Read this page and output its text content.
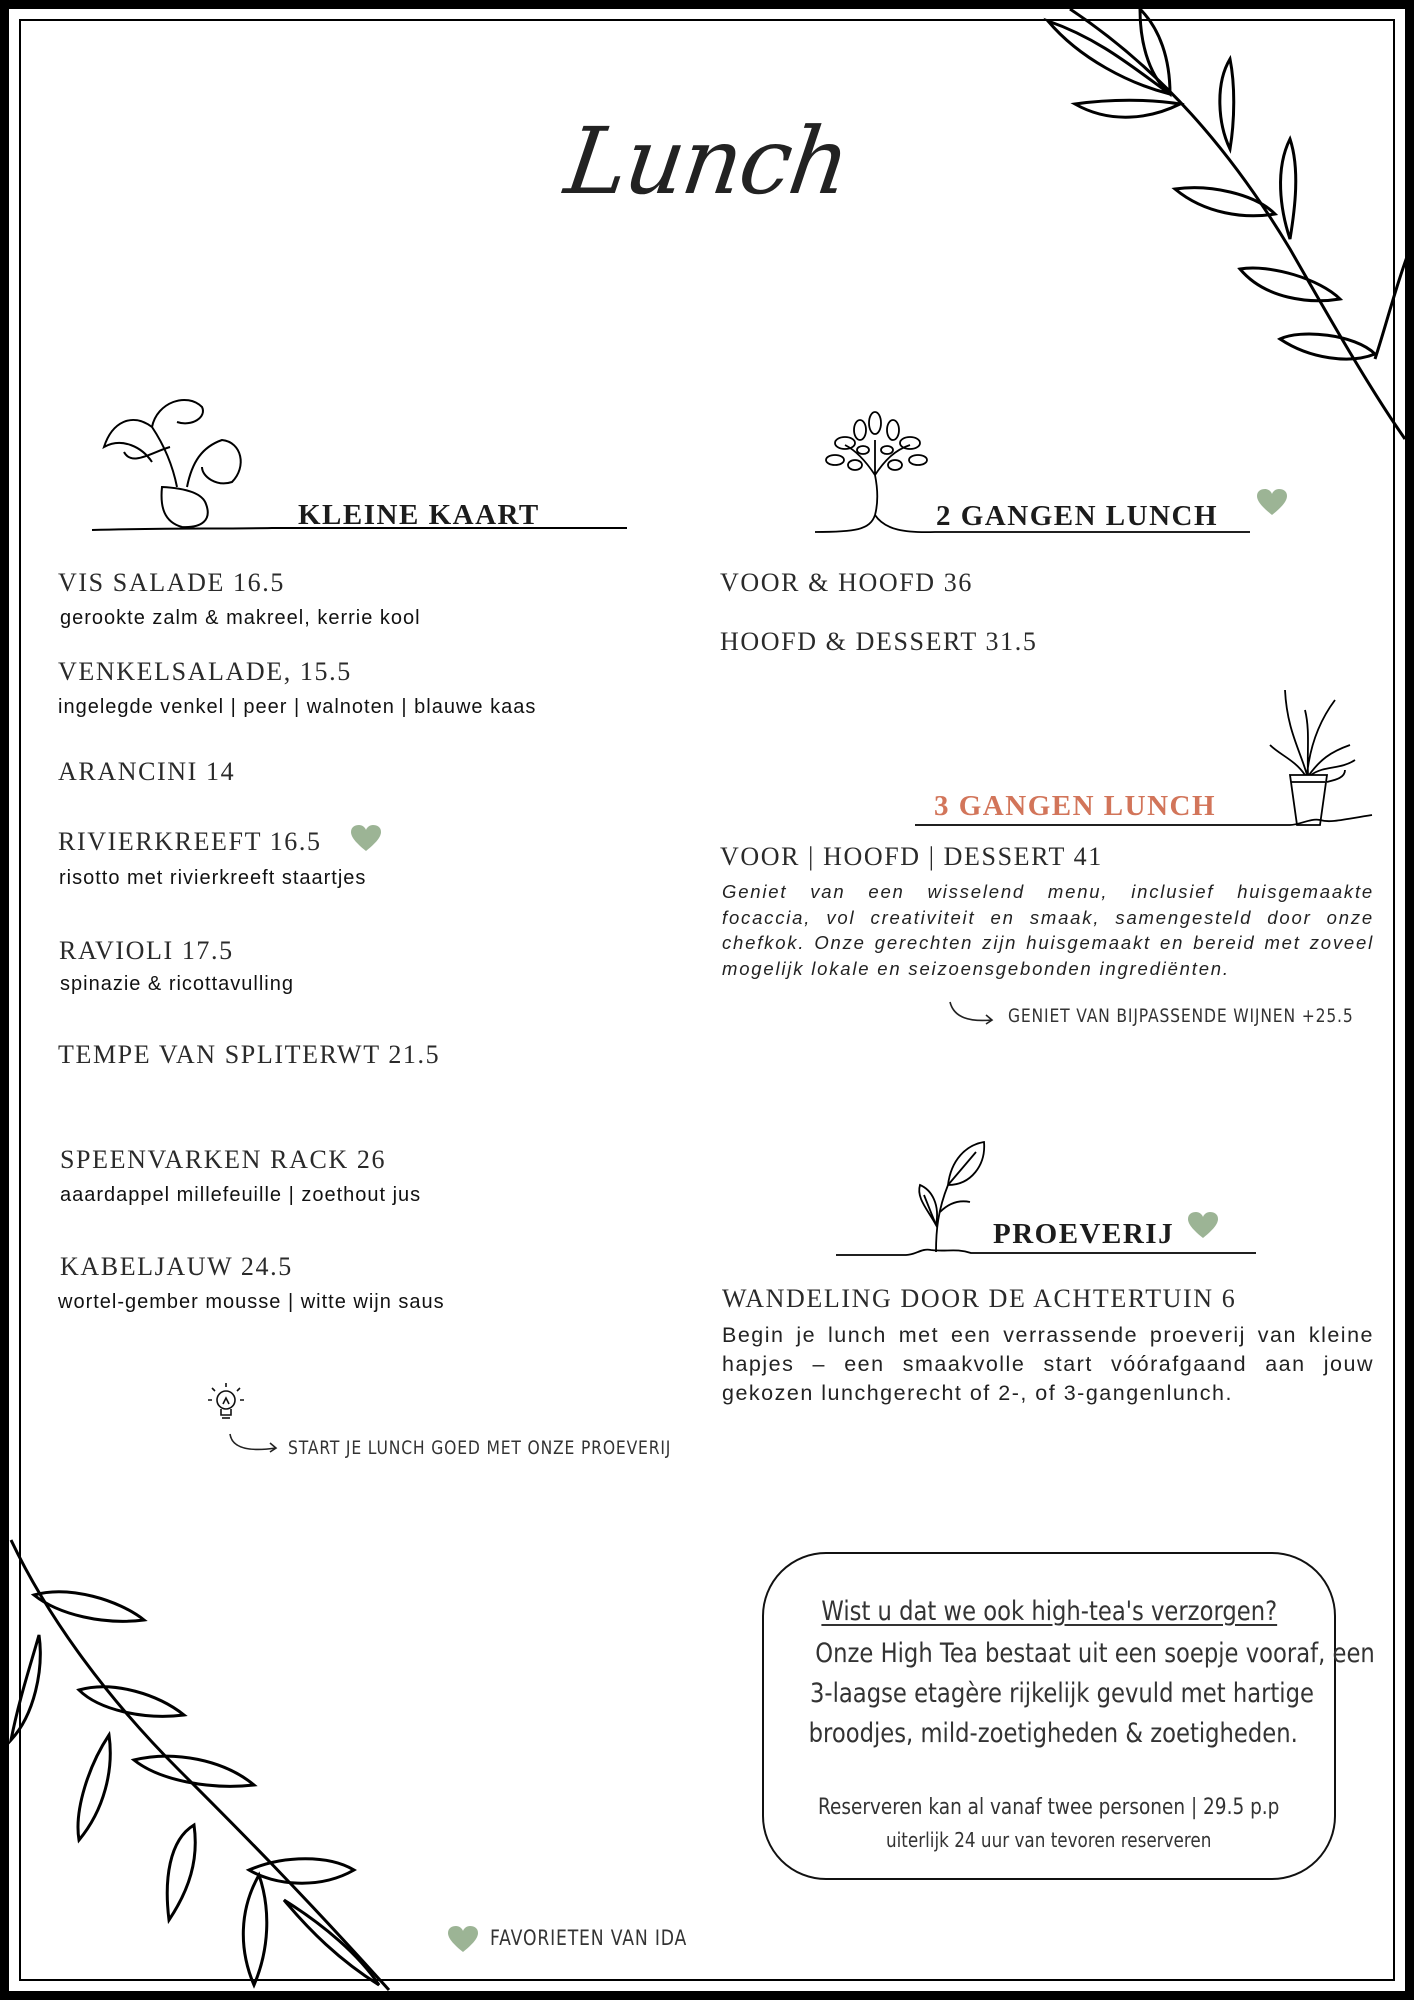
Lunch
KLEINE KAART
VIS SALADE 16.5
gerookte zalm & makreel, kerrie kool
VENKELSALADE, 15.5
ingelegde venkel | peer | walnoten | blauwe kaas
ARANCINI 14
RIVIERKREEFT 16.5
risotto met rivierkreeft staartjes
RAVIOLI 17.5
spinazie & ricottavulling
TEMPE VAN SPLITERWT 21.5
SPEENVARKEN RACK 26
aaardappel millefeuille | zoethout jus
KABELJAUW 24.5
wortel-gember mousse | witte wijn saus
START JE LUNCH GOED MET ONZE PROEVERIJ
2 GANGEN LUNCH
VOOR & HOOFD 36
HOOFD & DESSERT 31.5
3 GANGEN LUNCH
VOOR | HOOFD | DESSERT 41
Geniet van een wisselend menu, inclusief huisgemaakte focaccia, vol creativiteit en smaak, samengesteld door onze chefkok. Onze gerechten zijn huisgemaakt en bereid met zoveel mogelijk lokale en seizoensgebonden ingrediënten.
GENIET VAN BIJPASSENDE WIJNEN +25.5
PROEVERIJ
WANDELING DOOR DE ACHTERTUIN 6
Begin je lunch met een verrassende proeverij van kleine hapjes – een smaakvolle start vóórafgaand aan jouw gekozen lunchgerecht of 2-, of 3-gangenlunch.
Wist u dat we ook high-tea's verzorgen?
Onze High Tea bestaat uit een soepje vooraf, een
3-laagse etagère rijkelijk gevuld met hartige
broodjes, mild-zoetigheden & zoetigheden.
Reserveren kan al vanaf twee personen | 29.5 p.p
uiterlijk 24 uur van tevoren reserveren
FAVORIETEN VAN IDA
